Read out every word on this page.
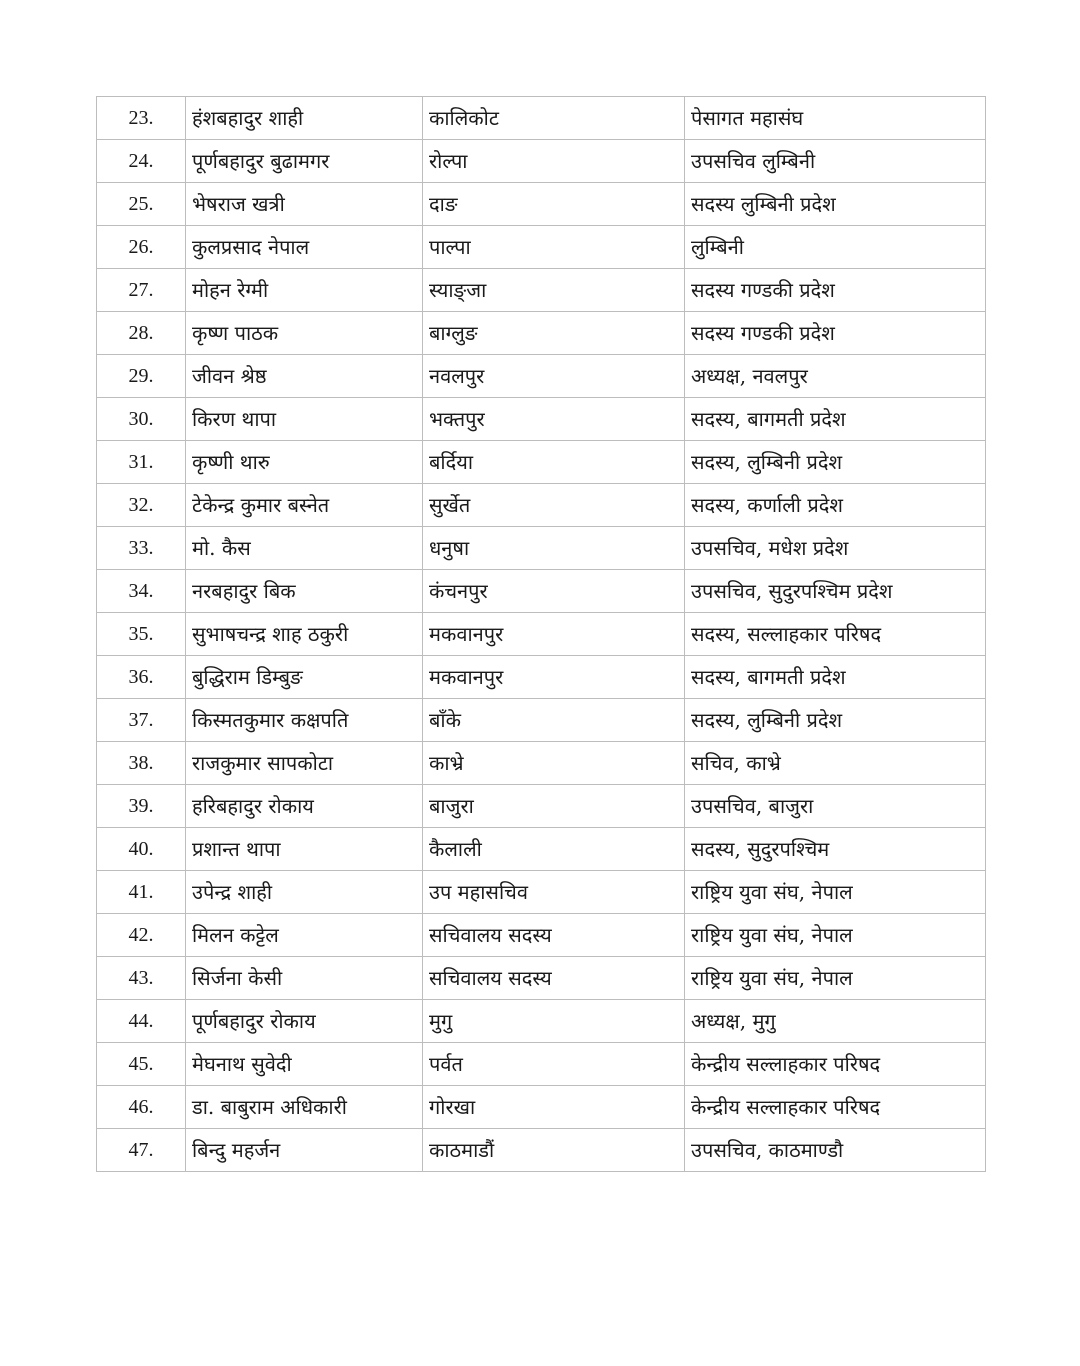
23.	हंशबहादुर शाही	कालिकोट	पेसागत महासंघ
24.	पूर्णबहादुर बुढामगर	रोल्पा	उपसचिव लुम्बिनी
25.	भेषराज खत्री	दाङ	सदस्य लुम्बिनी प्रदेश
26.	कुलप्रसाद नेपाल	पाल्पा	लुम्बिनी
27.	मोहन रेग्मी	स्याङ्जा	सदस्य गण्डकी प्रदेश
28.	कृष्ण पाठक	बाग्लुङ	सदस्य गण्डकी प्रदेश
29.	जीवन श्रेष्ठ	नवलपुर	अध्यक्ष, नवलपुर
30.	किरण थापा	भक्तपुर	सदस्य, बागमती प्रदेश
31.	कृष्णी थारु	बर्दिया	सदस्य, लुम्बिनी प्रदेश
32.	टेकेन्द्र कुमार बस्नेत	सुर्खेत	सदस्य, कर्णाली प्रदेश
33.	मो. कैस	धनुषा	उपसचिव, मधेश प्रदेश
34.	नरबहादुर बिक	कंचनपुर	उपसचिव, सुदुरपश्चिम प्रदेश
35.	सुभाषचन्द्र शाह ठकुरी	मकवानपुर	सदस्य, सल्लाहकार परिषद
36.	बुद्धिराम डिम्बुङ	मकवानपुर	सदस्य, बागमती प्रदेश
37.	किस्मतकुमार कक्षपति	बाँके	सदस्य, लुम्बिनी प्रदेश
38.	राजकुमार सापकोटा	काभ्रे	सचिव, काभ्रे
39.	हरिबहादुर रोकाय	बाजुरा	उपसचिव, बाजुरा
40.	प्रशान्त थापा	कैलाली	सदस्य, सुदुरपश्चिम
41.	उपेन्द्र शाही	उप महासचिव	राष्ट्रिय युवा संघ, नेपाल
42.	मिलन कट्टेल	सचिवालय सदस्य	राष्ट्रिय युवा संघ, नेपाल
43.	सिर्जना केसी	सचिवालय सदस्य	राष्ट्रिय युवा संघ, नेपाल
44.	पूर्णबहादुर रोकाय	मुगु	अध्यक्ष, मुगु
45.	मेघनाथ सुवेदी	पर्वत	केन्द्रीय सल्लाहकार परिषद
46.	डा. बाबुराम अधिकारी	गोरखा	केन्द्रीय सल्लाहकार परिषद
47.	बिन्दु महर्जन	काठमाडौं	उपसचिव, काठमाण्डौ
